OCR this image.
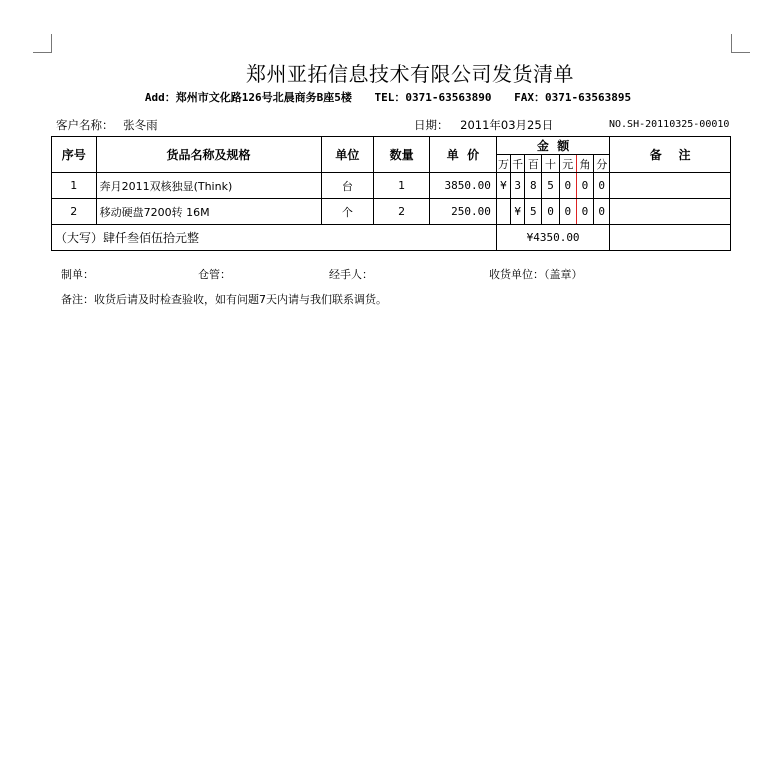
郑州亚拓信息技术有限公司发货清单
Add：郑州市文化路126号北晨商务B座5楼 TEL：0371-63563890 FAX：0371-63563895
客户名称： 张冬雨	日期： 2011年03月25日	NO.SH-20110325-00010
序号	货品名称及规格	单位	数量	单  价	金  额							备    注
					万	千	百	十	元	角	分	
1	奔月2011双核独显(Think)	台	1	3850.00	¥	3	8	5	0	0	0	
2	移动硬盘7200转 16M	个	2	250.00		¥	5	0	0	0	0	
（大写）肆仟叁佰伍拾元整					¥4350.00							
制单：	仓管：	经手人：	收货单位：（盖章）
备注：收货后请及时检查验收，如有问题7天内请与我们联系调货。
